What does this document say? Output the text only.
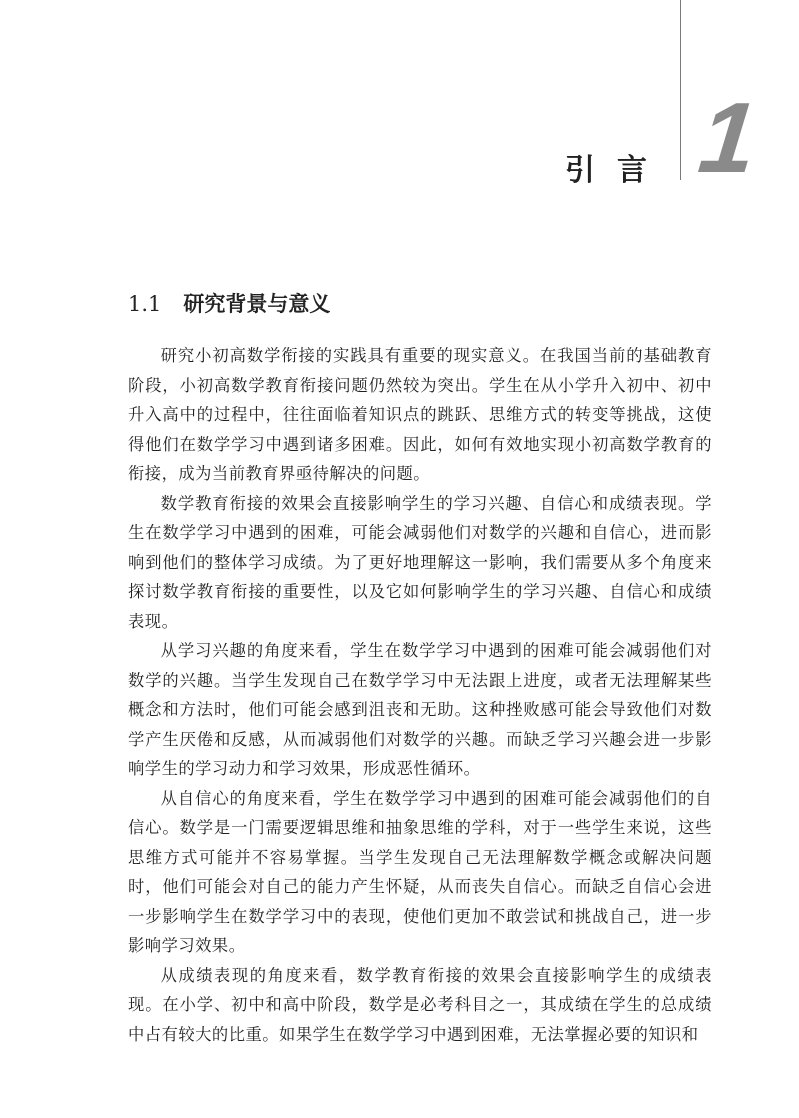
引言 1
1.1 研究背景与意义

研究小初高数学衔接的实践具有重要的现实意义。在我国当前的基础教育阶段，小初高数学教育衔接问题仍然较为突出。学生在从小学升入初中、初中升入高中的过程中，往往面临着知识点的跳跃、思维方式的转变等挑战，这使得他们在数学学习中遇到诸多困难。因此，如何有效地实现小初高数学教育的衔接，成为当前教育界亟待解决的问题。

数学教育衔接的效果会直接影响学生的学习兴趣、自信心和成绩表现。学生在数学学习中遇到的困难，可能会减弱他们对数学的兴趣和自信心，进而影响到他们的整体学习成绩。为了更好地理解这一影响，我们需要从多个角度来探讨数学教育衔接的重要性，以及它如何影响学生的学习兴趣、自信心和成绩表现。

从学习兴趣的角度来看，学生在数学学习中遇到的困难可能会减弱他们对数学的兴趣。当学生发现自己在数学学习中无法跟上进度，或者无法理解某些概念和方法时，他们可能会感到沮丧和无助。这种挫败感可能会导致他们对数学产生厌倦和反感，从而减弱他们对数学的兴趣。而缺乏学习兴趣会进一步影响学生的学习动力和学习效果，形成恶性循环。

从自信心的角度来看，学生在数学学习中遇到的困难可能会减弱他们的自信心。数学是一门需要逻辑思维和抽象思维的学科，对于一些学生来说，这些思维方式可能并不容易掌握。当学生发现自己无法理解数学概念或解决问题时，他们可能会对自己的能力产生怀疑，从而丧失自信心。而缺乏自信心会进一步影响学生在数学学习中的表现，使他们更加不敢尝试和挑战自己，进一步影响学习效果。

从成绩表现的角度来看，数学教育衔接的效果会直接影响学生的成绩表现。在小学、初中和高中阶段，数学是必考科目之一，其成绩在学生的总成绩中占有较大的比重。如果学生在数学学习中遇到困难，无法掌握必要的知识和
